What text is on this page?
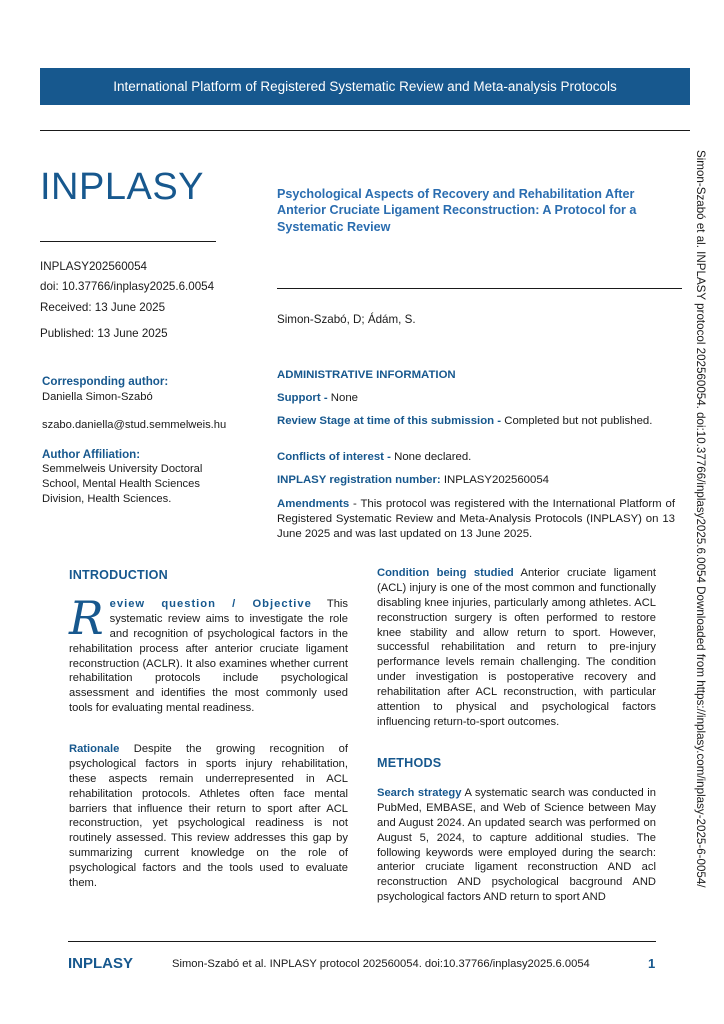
International Platform of Registered Systematic Review and Meta-analysis Protocols
INPLASY
INPLASY202560054
doi: 10.37766/inplasy2025.6.0054
Received: 13 June 2025
Published: 13 June 2025
Psychological Aspects of Recovery and Rehabilitation After Anterior Cruciate Ligament Reconstruction: A Protocol for a Systematic Review
Simon-Szabó, D; Ádám, S.
Corresponding author:
Daniella Simon-Szabó
szabo.daniella@stud.semmelweis.hu
Author Affiliation:
Semmelweis University Doctoral School, Mental Health Sciences Division, Health Sciences.
ADMINISTRATIVE INFORMATION
Support - None
Review Stage at time of this submission - Completed but not published.
Conflicts of interest - None declared.
INPLASY registration number: INPLASY202560054
Amendments - This protocol was registered with the International Platform of Registered Systematic Review and Meta-Analysis Protocols (INPLASY) on 13 June 2025 and was last updated on 13 June 2025.
INTRODUCTION
Review question / Objective This systematic review aims to investigate the role and recognition of psychological factors in the rehabilitation process after anterior cruciate ligament reconstruction (ACLR). It also examines whether current rehabilitation protocols include psychological assessment and identifies the most commonly used tools for evaluating mental readiness.
Rationale Despite the growing recognition of psychological factors in sports injury rehabilitation, these aspects remain underrepresented in ACL rehabilitation protocols. Athletes often face mental barriers that influence their return to sport after ACL reconstruction, yet psychological readiness is not routinely assessed. This review addresses this gap by summarizing current knowledge on the role of psychological factors and the tools used to evaluate them.
Condition being studied Anterior cruciate ligament (ACL) injury is one of the most common and functionally disabling knee injuries, particularly among athletes. ACL reconstruction surgery is often performed to restore knee stability and allow return to sport. However, successful rehabilitation and return to pre-injury performance levels remain challenging. The condition under investigation is postoperative recovery and rehabilitation after ACL reconstruction, with particular attention to physical and psychological factors influencing return-to-sport outcomes.
METHODS
Search strategy A systematic search was conducted in PubMed, EMBASE, and Web of Science between May and August 2024. An updated search was performed on August 5, 2024, to capture additional studies. The following keywords were employed during the search: anterior cruciate ligament reconstruction AND acl reconstruction AND psychological bacground AND psychological factors AND return to sport AND
Simon-Szabó et al. INPLASY protocol 202560054. doi:10.37766/inplasy2025.6.0054 Downloaded from https://inplasy.com/inplasy-2025-6-0054/
INPLASY	Simon-Szabó et al. INPLASY protocol 202560054. doi:10.37766/inplasy2025.6.0054	1
